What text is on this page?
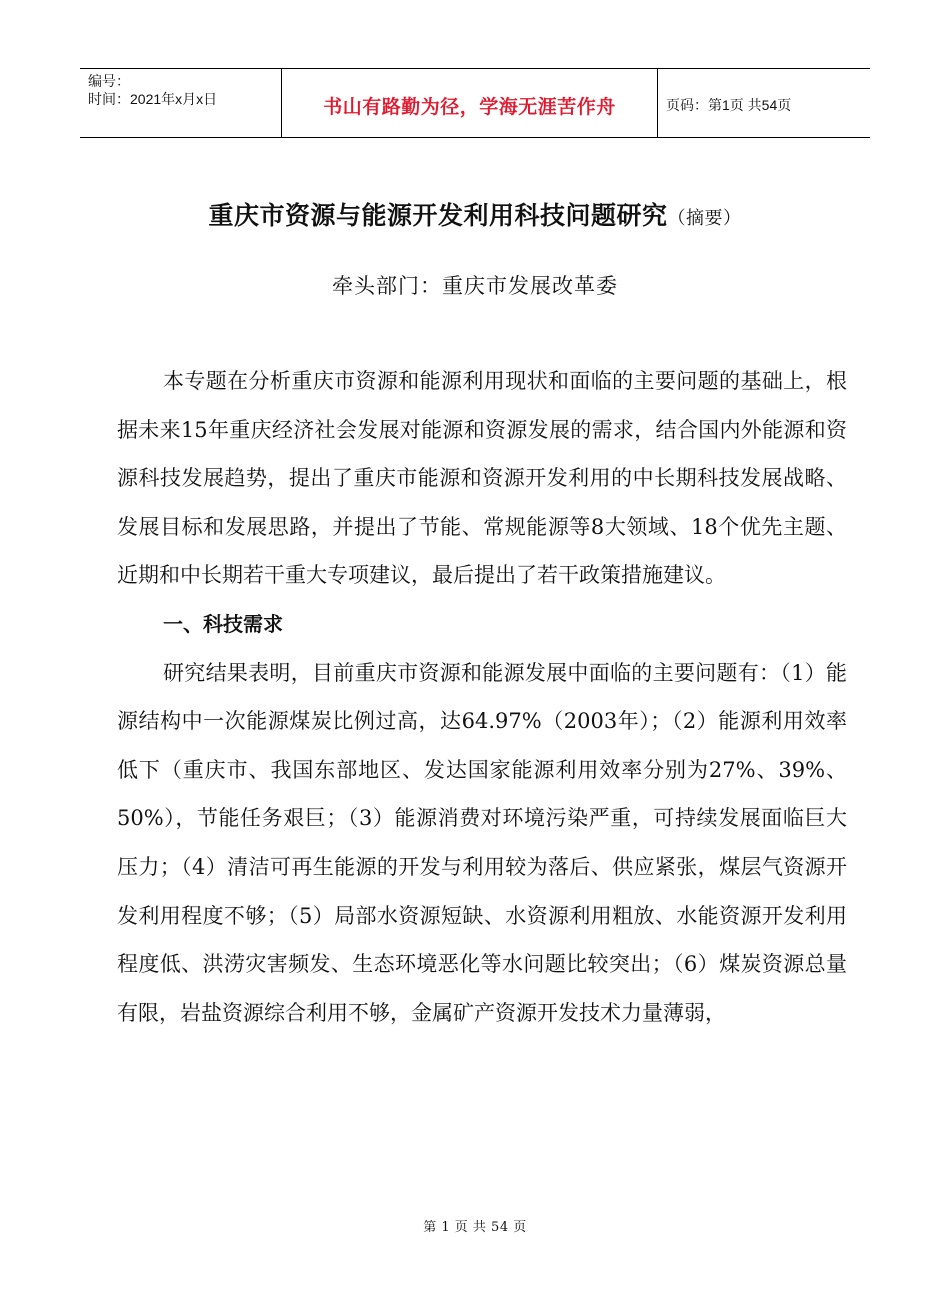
编号：
时间：2021年x月x日	书山有路勤为径，学海无涯苦作舟	页码：第1页 共54页
重庆市资源与能源开发利用科技问题研究（摘要）
牵头部门：重庆市发展改革委

本专题在分析重庆市资源和能源利用现状和面临的主要问题的基础上，根据未来15年重庆经济社会发展对能源和资源发展的需求，结合国内外能源和资源科技发展趋势，提出了重庆市能源和资源开发利用的中长期科技发展战略、发展目标和发展思路，并提出了节能、常规能源等8大领域、18个优先主题、近期和中长期若干重大专项建议，最后提出了若干政策措施建议。

一、科技需求

研究结果表明，目前重庆市资源和能源发展中面临的主要问题有：（1）能源结构中一次能源煤炭比例过高，达64.97%（2003年）；（2）能源利用效率低下（重庆市、我国东部地区、发达国家能源利用效率分别为27%、39%、50%），节能任务艰巨；（3）能源消费对环境污染严重，可持续发展面临巨大压力；（4）清洁可再生能源的开发与利用较为落后、供应紧张，煤层气资源开发利用程度不够；（5）局部水资源短缺、水资源利用粗放、水能资源开发利用程度低、洪涝灾害频发、生态环境恶化等水问题比较突出；（6）煤炭资源总量有限，岩盐资源综合利用不够，金属矿产资源开发技术力量薄弱，

第 1 页 共 54 页
